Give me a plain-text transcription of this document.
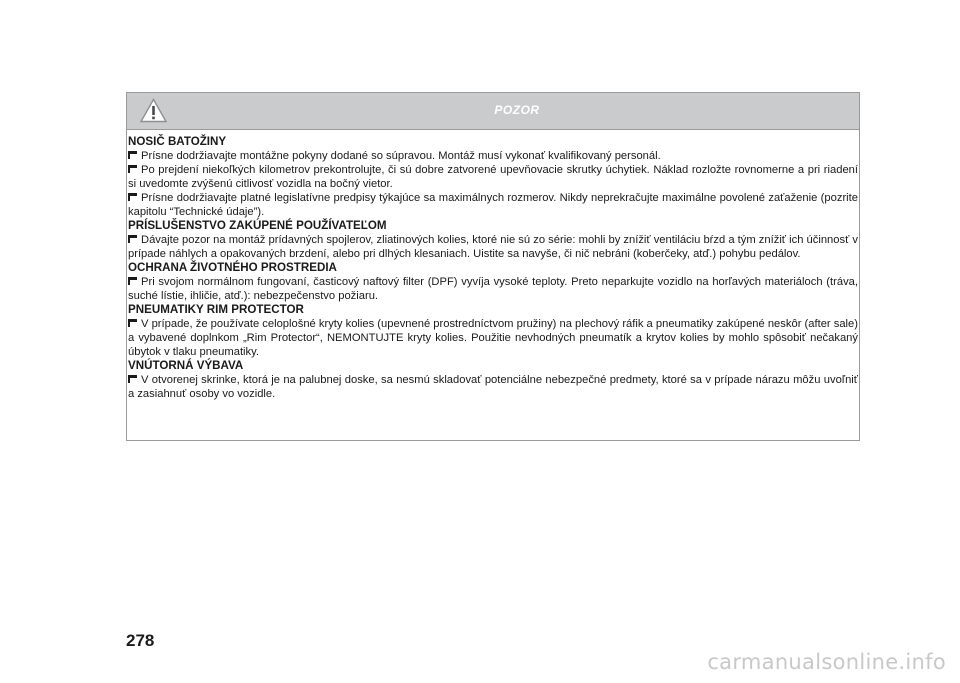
POZOR
NOSIČ BATOŽINY

Prísne dodržiavajte montážne pokyny dodané so súpravou. Montáž musí vykonať kvalifikovaný personál.

Po prejdení niekoľkých kilometrov prekontrolujte, či sú dobre zatvorené upevňovacie skrutky úchytiek. Náklad rozložte rovnomerne a pri riadení si uvedomte zvýšenú citlivosť vozidla na bočný vietor.

Prísne dodržiavajte platné legislatívne predpisy týkajúce sa maximálnych rozmerov. Nikdy neprekračujte maximálne povolené zaťaženie (pozrite kapitolu “Technické údaje”).

PRÍSLUŠENSTVO ZAKÚPENÉ POUŽÍVATEĽOM

Dávajte pozor na montáž prídavných spojlerov, zliatinových kolies, ktoré nie sú zo série: mohli by znížiť ventiláciu bŕzd a tým znížiť ich účinnosť v prípade náhlych a opakovaných brzdení, alebo pri dlhých klesaniach. Uistite sa navyše, či nič nebráni (koberčeky, atď.) pohybu pedálov.

OCHRANA ŽIVOTNÉHO PROSTREDIA

Pri svojom normálnom fungovaní, časticový naftový filter (DPF) vyvíja vysoké teploty. Preto neparkujte vozidlo na horľavých materiáloch (tráva, suché lístie, ihličie, atď.): nebezpečenstvo požiaru.

PNEUMATIKY RIM PROTECTOR

V prípade, že používate celoplošné kryty kolies (upevnené prostredníctvom pružiny) na plechový ráfik a pneumatiky zakúpené neskôr (after sale) a vybavené doplnkom „Rim Protector“, NEMONTUJTE kryty kolies. Použitie nevhodných pneumatík a krytov kolies by mohlo spôsobiť nečakaný úbytok v tlaku pneumatiky.

VNÚTORNÁ VÝBAVA

V otvorenej skrinke, ktorá je na palubnej doske, sa nesmú skladovať potenciálne nebezpečné predmety, ktoré sa v prípade nárazu môžu uvoľniť a zasiahnuť osoby vo vozidle.

278
carmanualsonline.info
